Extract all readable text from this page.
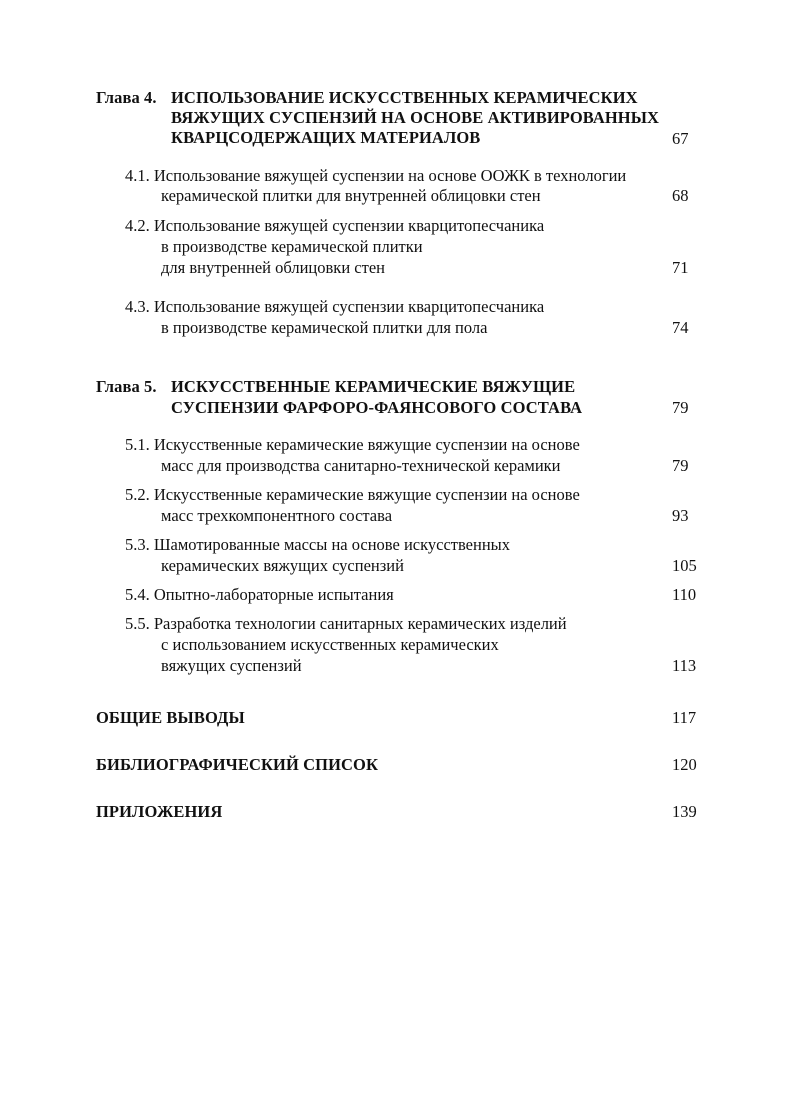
Глава 4. ИСПОЛЬЗОВАНИЕ ИСКУССТВЕННЫХ КЕРАМИЧЕСКИХ
ВЯЖУЩИХ СУСПЕНЗИЙ НА ОСНОВЕ АКТИВИРОВАННЫХ
КВАРЦСОДЕРЖАЩИХ МАТЕРИАЛОВ	67
4.1. Использование вяжущей суспензии на основе ООЖК в технологии
керамической плитки для внутренней облицовки стен	68
4.2. Использование вяжущей суспензии кварцитопесчаника
в производстве керамической плитки
для внутренней облицовки стен	71
4.3. Использование вяжущей суспензии кварцитопесчаника
в производстве керамической плитки для пола	74
Глава 5. ИСКУССТВЕННЫЕ КЕРАМИЧЕСКИЕ ВЯЖУЩИЕ
СУСПЕНЗИИ ФАРФОРО-ФАЯНСОВОГО СОСТАВА	79
5.1. Искусственные керамические вяжущие суспензии на основе
масс для производства санитарно-технической керамики	79
5.2. Искусственные керамические вяжущие суспензии на основе
масс трехкомпонентного состава	93
5.3. Шамотированные массы на основе искусственных
керамических вяжущих суспензий	105
5.4. Опытно-лабораторные испытания	110
5.5. Разработка технологии санитарных керамических изделий
с использованием искусственных керамических
вяжущих суспензий	113
ОБЩИЕ ВЫВОДЫ	117
БИБЛИОГРАФИЧЕСКИЙ СПИСОК	120
ПРИЛОЖЕНИЯ	139
